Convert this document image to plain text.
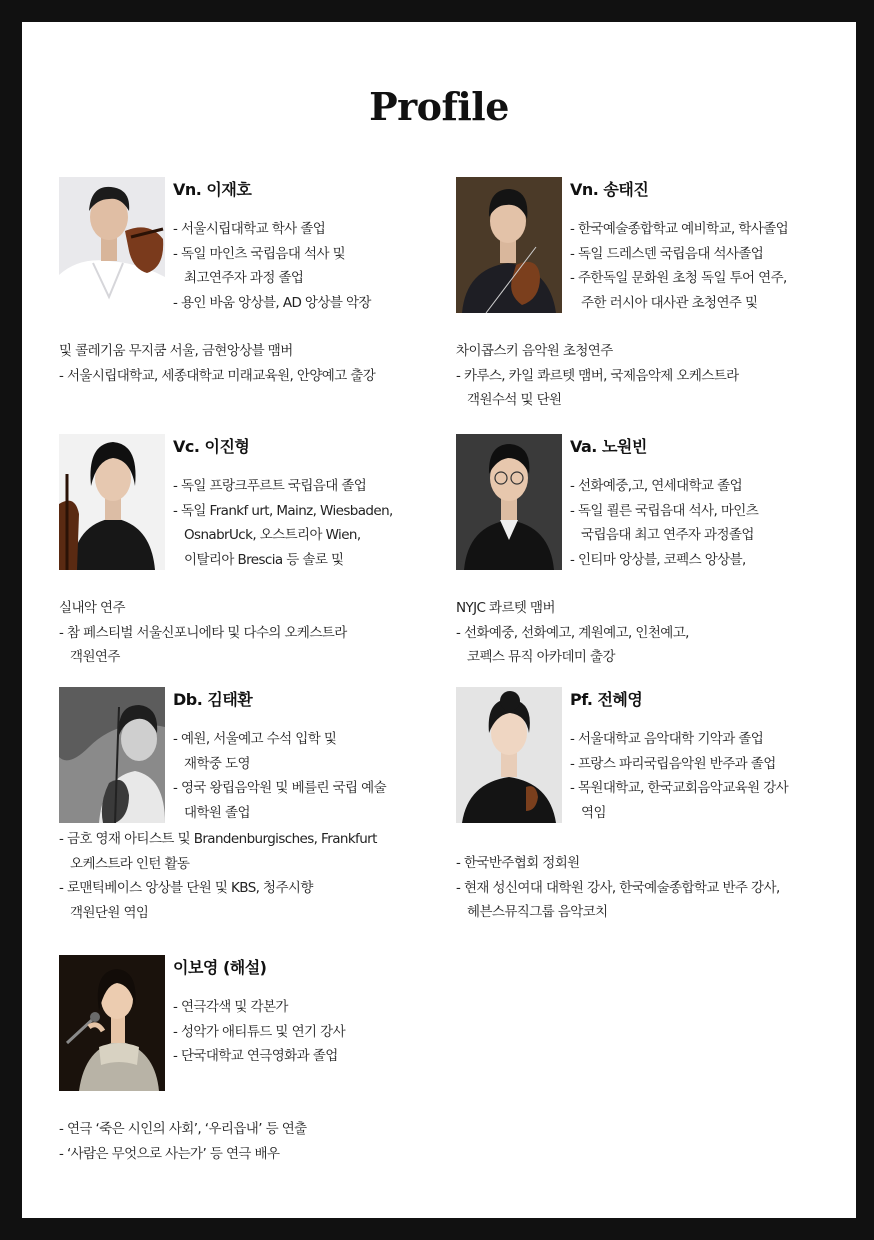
Profile
Vn. 이재호
- 서울시립대학교 학사 졸업
- 독일 마인츠 국립음대 석사 및
최고연주자 과정 졸업
- 용인 바움 앙상블, AD 앙상블 악장
및 콜레기움 무지쿰 서울, 금현앙상블 맴버
- 서울시립대학교, 세종대학교 미래교육원, 안양예고 출강
Vn. 송태진
- 한국예술종합학교 예비학교, 학사졸업
- 독일 드레스덴 국립음대 석사졸업
- 주한독일 문화원 초청 독일 투어 연주,
주한 러시아 대사관 초청연주 및
차이콥스키 음악원 초청연주
- 카루스, 카일 콰르텟 맴버, 국제음악제 오케스트라
객원수석 및 단원
Vc. 이진형
- 독일 프랑크푸르트 국립음대 졸업
- 독일 Frankf urt, Mainz, Wiesbaden,
OsnabrUck, 오스트리아 Wien,
이탈리아 Brescia 등 솔로 및
실내악 연주
- 참 페스티벌 서울신포니에타 및 다수의 오케스트라
객원연주
Va. 노원빈
- 선화예중,고, 연세대학교 졸업
- 독일 쾰른 국립음대 석사, 마인츠
국립음대 최고 연주자 과정졸업
- 인티마 앙상블, 코펙스 앙상블,
NYJC 콰르텟 맴버
- 선화예중, 선화예고, 계원예고, 인천예고,
코펙스 뮤직 아카데미 출강
Db. 김태환
- 예원, 서울예고 수석 입학 및
재학중 도영
- 영국 왕립음악원 및 베를린 국립 예술
대학원 졸업
- 금호 영재 아티스트 및 Brandenburgisches, Frankfurt
오케스트라 인턴 활동
- 로맨틱베이스 앙상블 단원 및 KBS, 청주시향
객원단원 역임
Pf. 전혜영
- 서울대학교 음악대학 기악과 졸업
- 프랑스 파리국립음악원 반주과 졸업
- 목원대학교, 한국교회음악교육원 강사
역임
- 한국반주협회 정회원
- 현재 성신여대 대학원 강사, 한국예술종합학교 반주 강사,
헤븐스뮤직그룹 음악코치
이보영 (해설)
- 연극각색 및 각본가
- 성악가 애티튜드 및 연기 강사
- 단국대학교 연극영화과 졸업
- 연극 ‘죽은 시인의 사회’, ‘우리읍내’ 등 연출
- ‘사람은 무엇으로 사는가’ 등 연극 배우
